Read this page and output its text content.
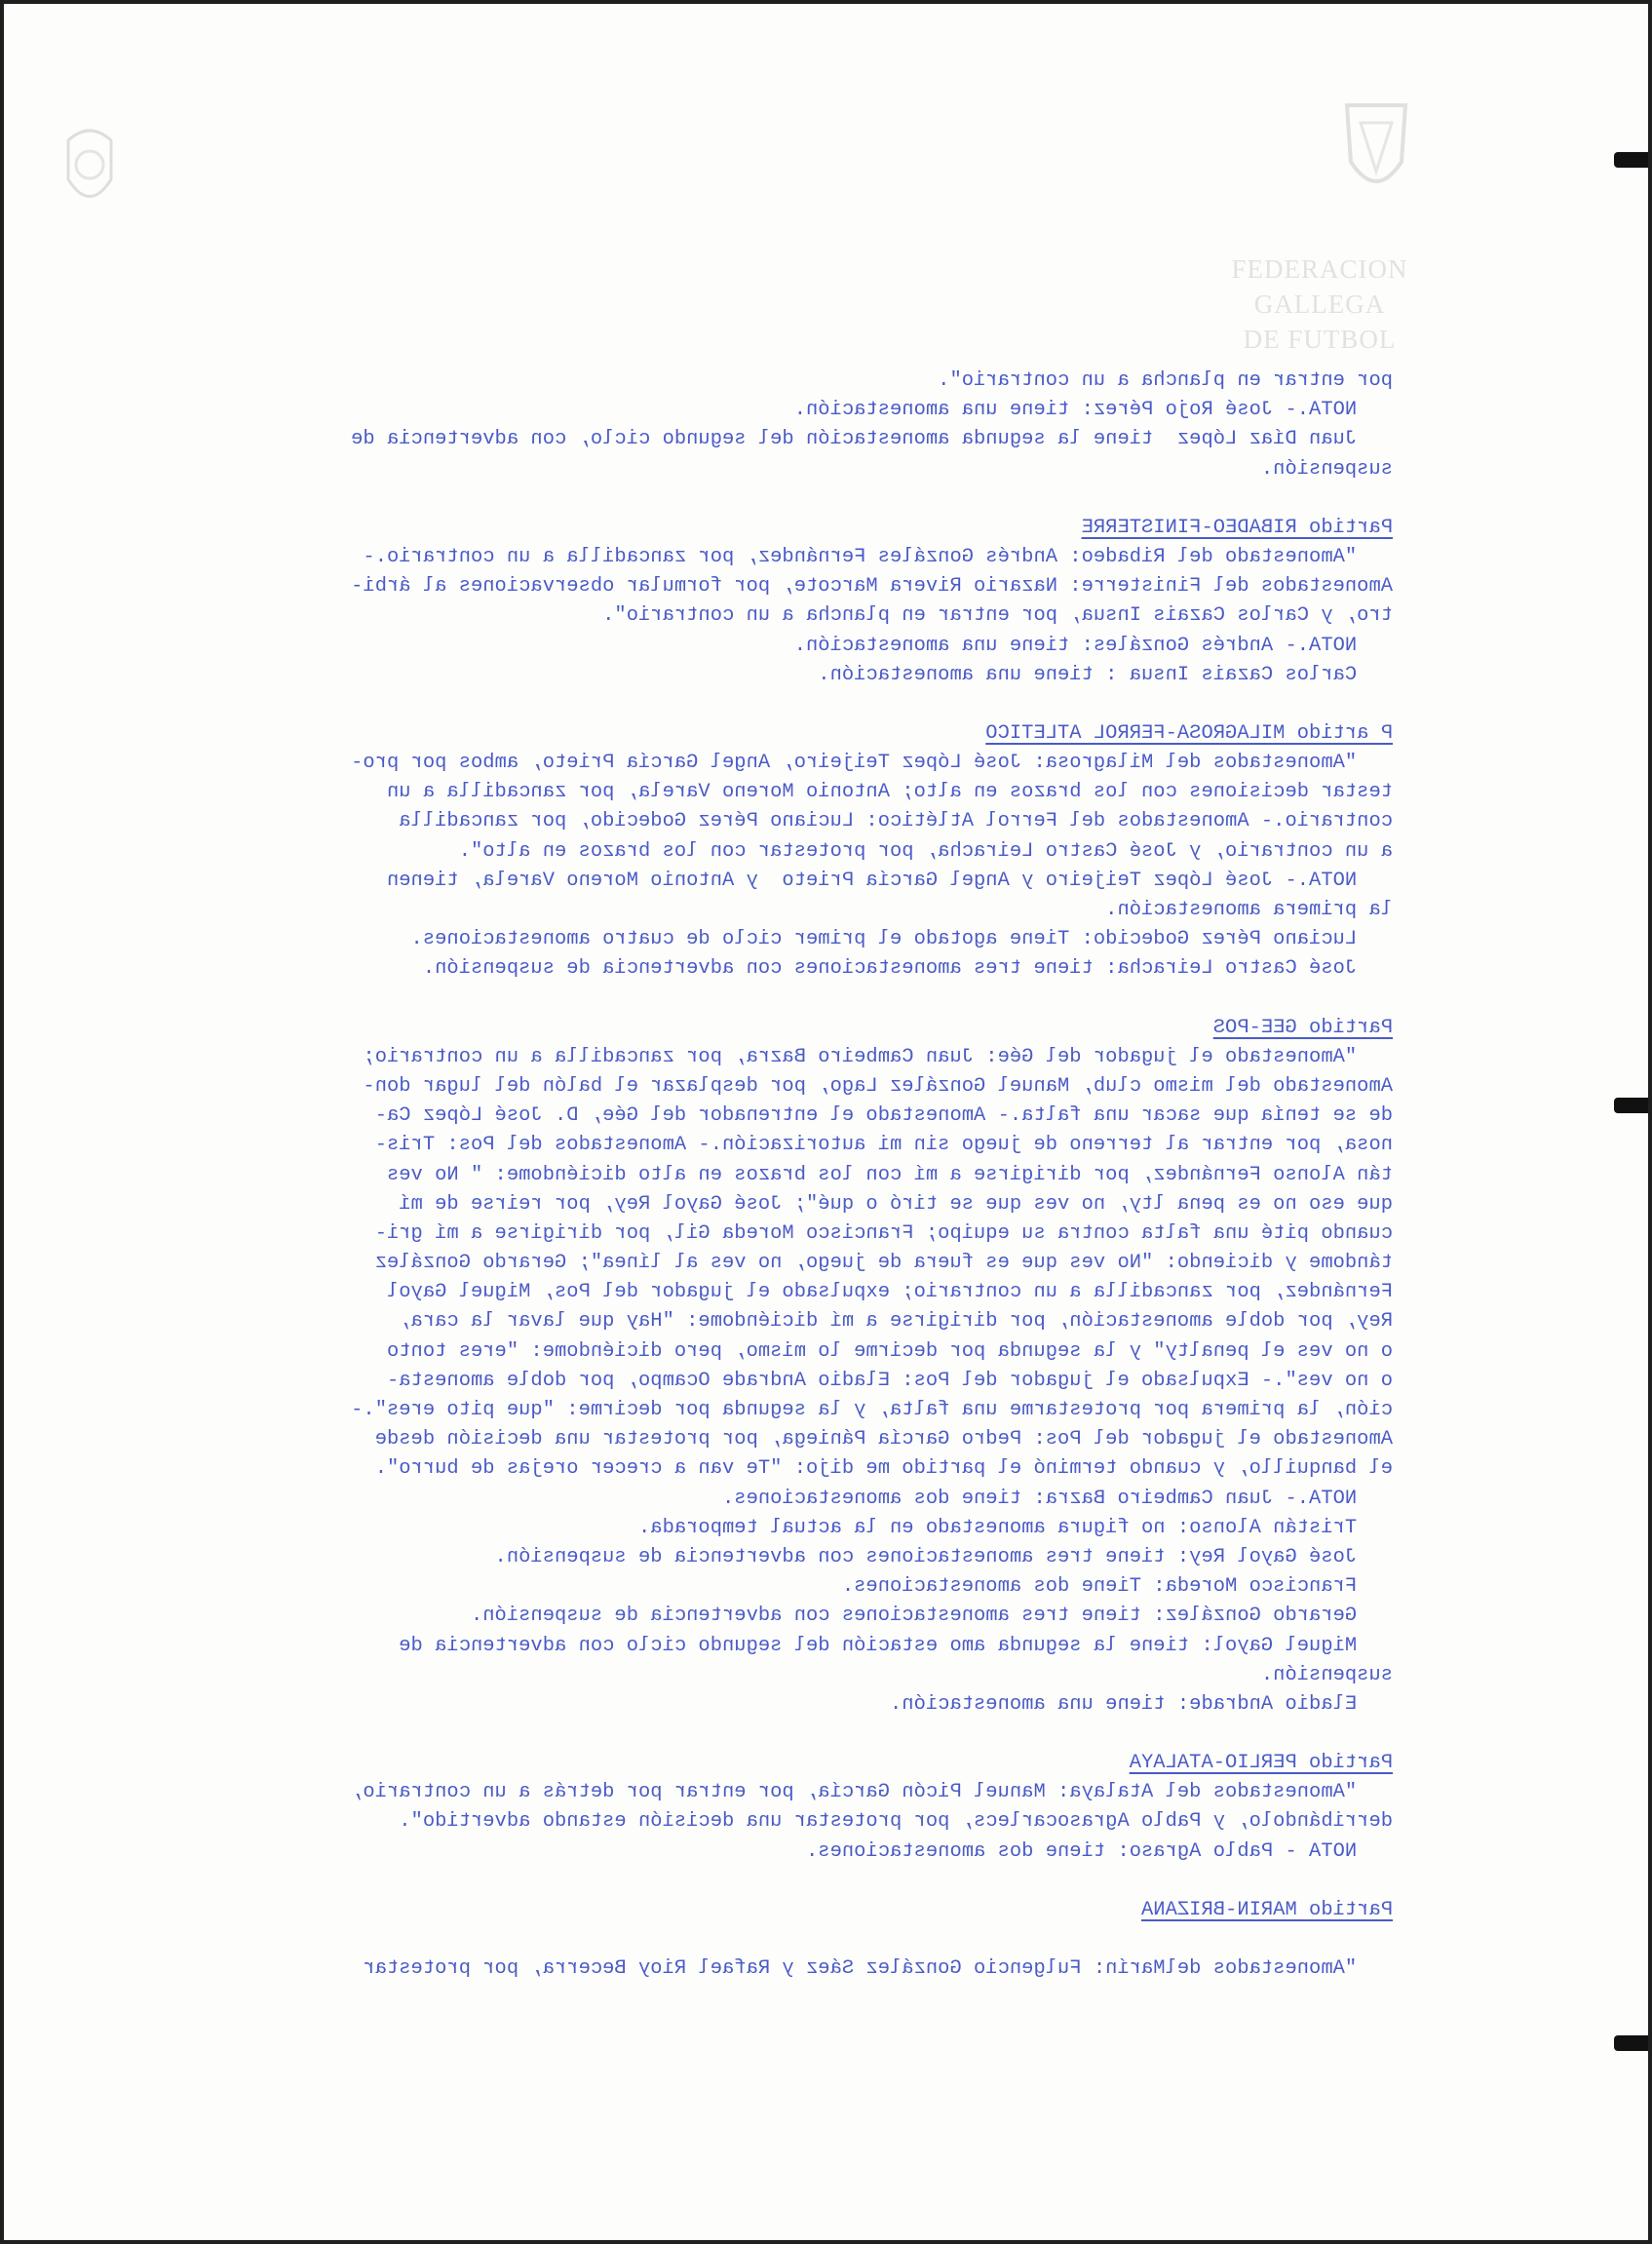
FEDERACION GALLEGA
DE FUTBOL
por entrar en plancha a un contrario".
NOTA.- José Rojo Pérez: tiene una amonestación.
Juan Díaz López  tiene la segunda amonestación del segundo ciclo, con advertencia de
suspensión.
Partido RIBADEO-FINISTERRE
"Amonestado del Ribadeo: Andrés Gonzáles Fernández, por zancadilla a un contrario.-
Amonestados del Finisterre: Nazario Rivera Marcote, por formular observaciones al árbi-
tro, y Carlos Cazais Insua, por entrar en plancha a un contrario".
NOTA.- Andrés Gonzáles: tiene una amonestación.
Carlos Cazais Insua : tiene una amonestación.
P artido MILAGROSA-FERROL ATLETICO
"Amonestados del Milagrosa: José López Teijeiro, Angel García Prieto, ambos por pro-
testar decisiones con los brazos en alto; Antonio Moreno Varela, por zancadilla a un
contrario.- Amonestados del Ferrol Atlético: Luciano Pérez Godecido, por zancadilla
a un contrario, y José Castro Leiracha, por protestar con los brazos en alto".
NOTA.- José López Teijeiro y Angel García Prieto  y Antonio Moreno Varela, tienen
la primera amonestación.
Luciano Pérez Godecido: Tiene agotado el primer ciclo de cuatro amonestaciones.
José Castro Leiracha: tiene tres amonestaciones con advertencia de suspensión.
Partido GEE-POS
"Amonestado el jugador del Gée: Juan Cambeiro Bazra, por zancadilla a un contrario;
Amonestado del mismo club, Manuel González Lago, por desplazar el balón del lugar don-
de se tenía que sacar una falta.- Amonestado el entrenador del Gée, D. José López Ca-
nosa, por entrar al terreno de juego sin mi autorización.- Amonestados del Pos: Tris-
tán Alonso Fernández, por dirigirse a mí con los brazos en alto diciéndome: " No ves
que eso no es pena lty, no ves que se tiró o qué"; José Gayol Rey, por reirse de mí
cuando pité una falta contra su equipo; Francisco Moreda Gil, por dirigirse a mí gri-
tándome y diciendo: "No ves que es fuera de juego, no ves al línea"; Gerardo González
Fernández, por zancadilla a un contrario; expulsado el jugador del Pos, Miguel Gayol
Rey, por doble amonestación, por dirigirse a mí diciéndome: "Hay que lavar la cara,
o no ves el penalty" y la segunda por decirme lo mismo, pero diciéndome: "eres tonto
o no ves".- Expulsado el jugador del Pos: Eladio Andrade Ocampo, por doble amonesta-
ción, la primera por protestarme una falta, y la segunda por decirme: "que pito eres".-
Amonestado el jugador del Pos: Pedro García Pániega, por protestar una decisión desde
el banquillo, y cuando terminó el partido me dijo: "Te van a crecer orejas de burro".
NOTA.- Juan Cambeiro Bazra: tiene dos amonestaciones.
Tristán Alonso: no figura amonestado en la actual temporada.
José Gayol Rey: tiene tres amonestaciones con advertencia de suspensión.
Francisco Moreda: Tiene dos amonestaciones.
Gerardo González: tiene tres amonestaciones con advertencia de suspensión.
Miguel Gayol: tiene la segunda amo estación del segundo ciclo con advertencia de
suspensión.
Eladio Andrade: tiene una amonestación.
Partido PERLIO-ATALAYA
"Amonestados del Atalaya: Manuel Picón García, por entrar por detrás a un contrario,
derribándolo, y Pablo Agrasocarlecs, por protestar una decisión estando advertido".
NOTA - Pablo Agraso: tiene dos amonestaciones.
Partido MARIN-BRIZANA
"Amonestados delMarín: Fulgencio González Sáez y Rafael Rioy Becerra, por protestar
